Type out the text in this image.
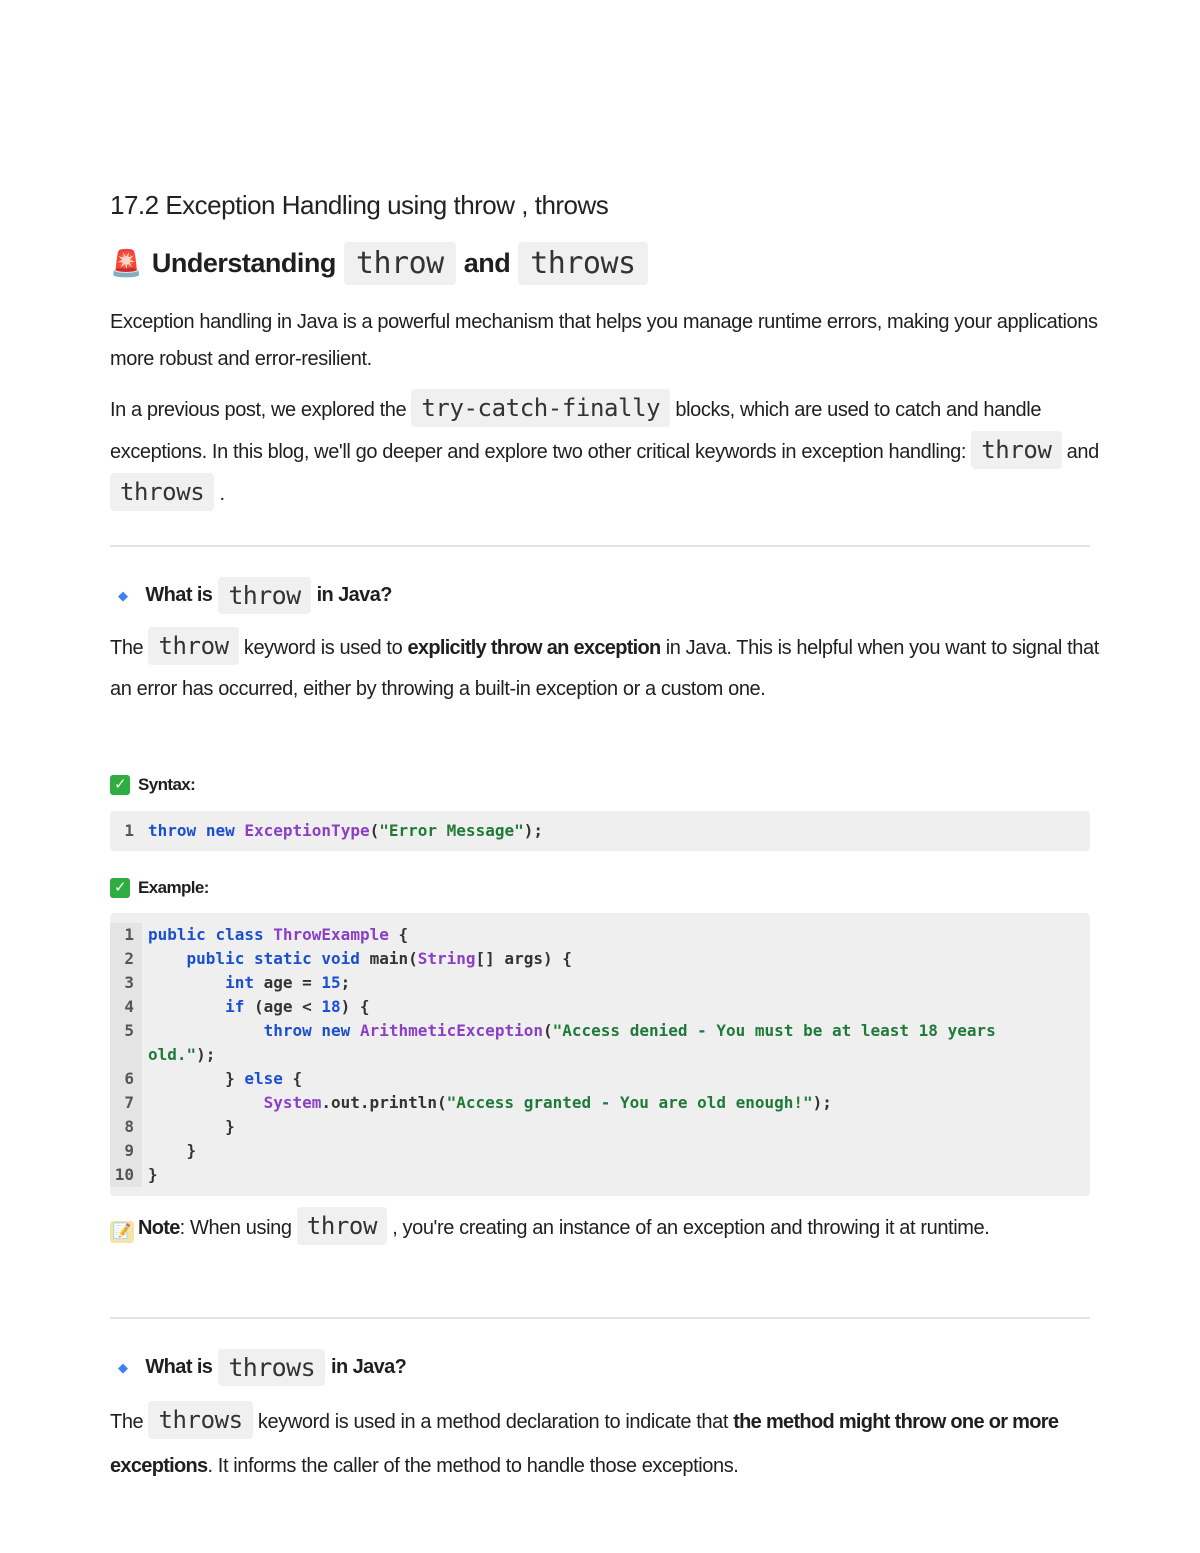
17.2 Exception Handling using throw , throws
🚨 Understanding throw and throws

Exception handling in Java is a powerful mechanism that helps you manage runtime errors, making your applications more robust and error-resilient.

In a previous post, we explored the try-catch-finally blocks, which are used to catch and handle exceptions. In this blog, we'll go deeper and explore two other critical keywords in exception handling: throw and throws .

◆ What is throw in Java?

The throw keyword is used to explicitly throw an exception in Java. This is helpful when you want to signal that an error has occurred, either by throwing a built-in exception or a custom one.

✓ Syntax:
1 throw new ExceptionType("Error Message");
✓ Example:
1 public class ThrowExample {
2	public static void main(String[] args) {
3	int age = 15;
4	if (age < 18) {
5	throw new ArithmeticException("Access denied - You must be at least 18 years
old.");
6	} else {
7	System.out.println("Access granted - You are old enough!");
8	}
9	}
10 }

📝 Note: When using throw , you're creating an instance of an exception and throwing it at runtime.

◆ What is throws in Java?

The throws keyword is used in a method declaration to indicate that the method might throw one or more exceptions. It informs the caller of the method to handle those exceptions.
